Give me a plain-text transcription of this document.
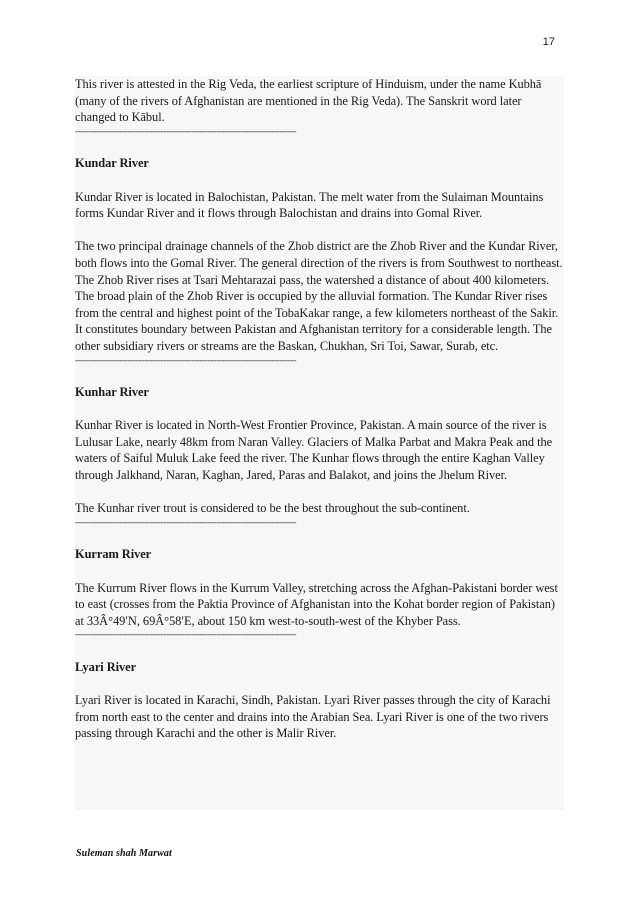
17

This river is attested in the Rig Veda, the earliest scripture of Hinduism, under the name Kubhā (many of the rivers of Afghanistan are mentioned in the Rig Veda). The Sanskrit word later changed to Kābul.

--------------------------------------------------------------------------------

Kundar River

Kundar River is located in Balochistan, Pakistan. The melt water from the Sulaiman Mountains forms Kundar River and it flows through Balochistan and drains into Gomal River.

The two principal drainage channels of the Zhob district are the Zhob River and the Kundar River, both flows into the Gomal River. The general direction of the rivers is from Southwest to northeast. The Zhob River rises at Tsari Mehtarazai pass, the watershed a distance of about 400 kilometers. The broad plain of the Zhob River is occupied by the alluvial formation. The Kundar River rises from the central and highest point of the TobaKakar range, a few kilometers northeast of the Sakir. It constitutes boundary between Pakistan and Afghanistan territory for a considerable length. The other subsidiary rivers or streams are the Baskan, Chukhan, Sri Toi, Sawar, Surab, etc.

--------------------------------------------------------------------------------

Kunhar River

Kunhar River is located in North-West Frontier Province, Pakistan. A main source of the river is Lulusar Lake, nearly 48km from Naran Valley. Glaciers of Malka Parbat and Makra Peak and the waters of Saiful Muluk Lake feed the river. The Kunhar flows through the entire Kaghan Valley through Jalkhand, Naran, Kaghan, Jared, Paras and Balakot, and joins the Jhelum River.

The Kunhar river trout is considered to be the best throughout the sub-continent.

--------------------------------------------------------------------------------

Kurram River

The Kurrum River flows in the Kurrum Valley, stretching across the Afghan-Pakistani border west to east (crosses from the Paktia Province of Afghanistan into the Kohat border region of Pakistan) at 33Â°49′N, 69Â°58′E, about 150 km west-to-south-west of the Khyber Pass.

--------------------------------------------------------------------------------

Lyari River

Lyari River is located in Karachi, Sindh, Pakistan. Lyari River passes through the city of Karachi from north east to the center and drains into the Arabian Sea. Lyari River is one of the two rivers passing through Karachi and the other is Malir River.

Suleman shah Marwat
